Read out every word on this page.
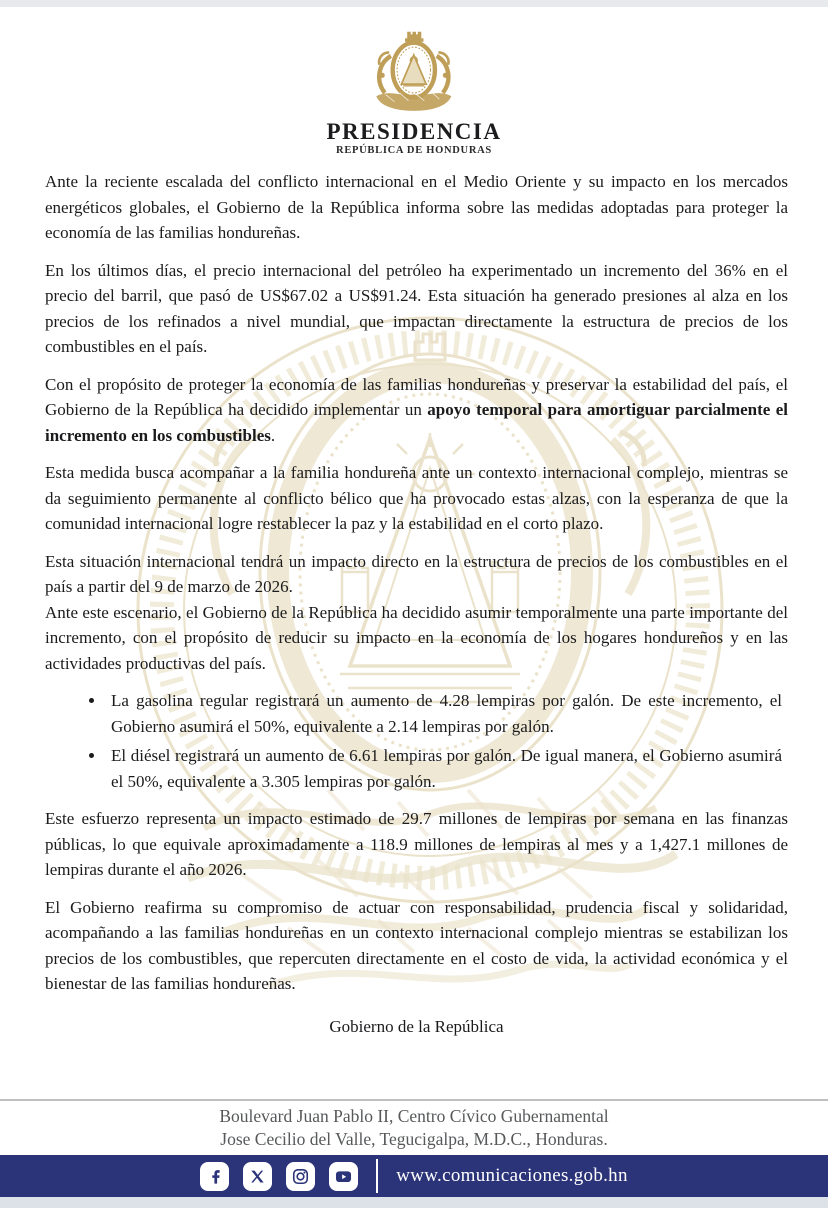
PRESIDENCIA
REPÚBLICA DE HONDURAS

Ante la reciente escalada del conflicto internacional en el Medio Oriente y su impacto en los mercados energéticos globales, el Gobierno de la República informa sobre las medidas adoptadas para proteger la economía de las familias hondureñas.

En los últimos días, el precio internacional del petróleo ha experimentado un incremento del 36% en el precio del barril, que pasó de US$67.02 a US$91.24. Esta situación ha generado presiones al alza en los precios de los refinados a nivel mundial, que impactan directamente la estructura de precios de los combustibles en el país.

Con el propósito de proteger la economía de las familias hondureñas y preservar la estabilidad del país, el Gobierno de la República ha decidido implementar un apoyo temporal para amortiguar parcialmente el incremento en los combustibles.

Esta medida busca acompañar a la familia hondureña ante un contexto internacional complejo, mientras se da seguimiento permanente al conflicto bélico que ha provocado estas alzas, con la esperanza de que la comunidad internacional logre restablecer la paz y la estabilidad en el corto plazo.

Esta situación internacional tendrá un impacto directo en la estructura de precios de los combustibles en el país a partir del 9 de marzo de 2026.

Ante este escenario, el Gobierno de la República ha decidido asumir temporalmente una parte importante del incremento, con el propósito de reducir su impacto en la economía de los hogares hondureños y en las actividades productivas del país.

• La gasolina regular registrará un aumento de 4.28 lempiras por galón. De este incremento, el Gobierno asumirá el 50%, equivalente a 2.14 lempiras por galón.
• El diésel registrará un aumento de 6.61 lempiras por galón. De igual manera, el Gobierno asumirá el 50%, equivalente a 3.305 lempiras por galón.

Este esfuerzo representa un impacto estimado de 29.7 millones de lempiras por semana en las finanzas públicas, lo que equivale aproximadamente a 118.9 millones de lempiras al mes y a 1,427.1 millones de lempiras durante el año 2026.

El Gobierno reafirma su compromiso de actuar con responsabilidad, prudencia fiscal y solidaridad, acompañando a las familias hondureñas en un contexto internacional complejo mientras se estabilizan los precios de los combustibles, que repercuten directamente en el costo de vida, la actividad económica y el bienestar de las familias hondureñas.

Gobierno de la República

Boulevard Juan Pablo II, Centro Cívico Gubernamental
Jose Cecilio del Valle, Tegucigalpa, M.D.C., Honduras.
www.comunicaciones.gob.hn
